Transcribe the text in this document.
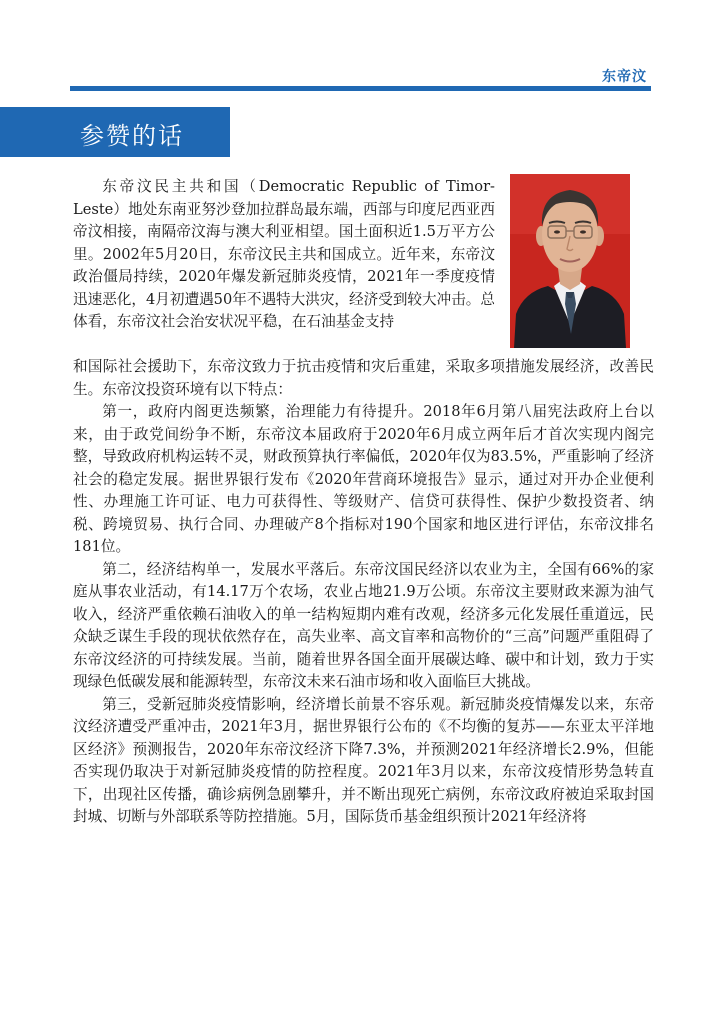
东帝汶
参赞的话
东帝汶民主共和国（Democratic Republic of Timor-Leste）地处东南亚努沙登加拉群岛最东端，西部与印度尼西亚西帝汶相接，南隔帝汶海与澳大利亚相望。国土面积近1.5万平方公里。2002年5月20日，东帝汶民主共和国成立。近年来，东帝汶政治僵局持续，2020年爆发新冠肺炎疫情，2021年一季度疫情迅速恶化，4月初遭遇50年不遇特大洪灾，经济受到较大冲击。总体看，东帝汶社会治安状况平稳，在石油基金支持
和国际社会援助下，东帝汶致力于抗击疫情和灾后重建，采取多项措施发展经济，改善民生。东帝汶投资环境有以下特点：

第一，政府内阁更迭频繁，治理能力有待提升。2018年6月第八届宪法政府上台以来，由于政党间纷争不断，东帝汶本届政府于2020年6月成立两年后才首次实现内阁完整，导致政府机构运转不灵，财政预算执行率偏低，2020年仅为83.5%，严重影响了经济社会的稳定发展。据世界银行发布《2020年营商环境报告》显示，通过对开办企业便利性、办理施工许可证、电力可获得性、等级财产、信贷可获得性、保护少数投资者、纳税、跨境贸易、执行合同、办理破产8个指标对190个国家和地区进行评估，东帝汶排名181位。

第二，经济结构单一，发展水平落后。东帝汶国民经济以农业为主，全国有66%的家庭从事农业活动，有14.17万个农场，农业占地21.9万公顷。东帝汶主要财政来源为油气收入，经济严重依赖石油收入的单一结构短期内难有改观，经济多元化发展任重道远，民众缺乏谋生手段的现状依然存在，高失业率、高文盲率和高物价的“三高”问题严重阻碍了东帝汶经济的可持续发展。当前，随着世界各国全面开展碳达峰、碳中和计划，致力于实现绿色低碳发展和能源转型，东帝汶未来石油市场和收入面临巨大挑战。

第三，受新冠肺炎疫情影响，经济增长前景不容乐观。新冠肺炎疫情爆发以来，东帝汶经济遭受严重冲击，2021年3月，据世界银行公布的《不均衡的复苏——东亚太平洋地区经济》预测报告，2020年东帝汶经济下降7.3%，并预测2021年经济增长2.9%，但能否实现仍取决于对新冠肺炎疫情的防控程度。2021年3月以来，东帝汶疫情形势急转直下，出现社区传播，确诊病例急剧攀升，并不断出现死亡病例，东帝汶政府被迫采取封国封城、切断与外部联系等防控措施。5月，国际货币基金组织预计2021年经济将
